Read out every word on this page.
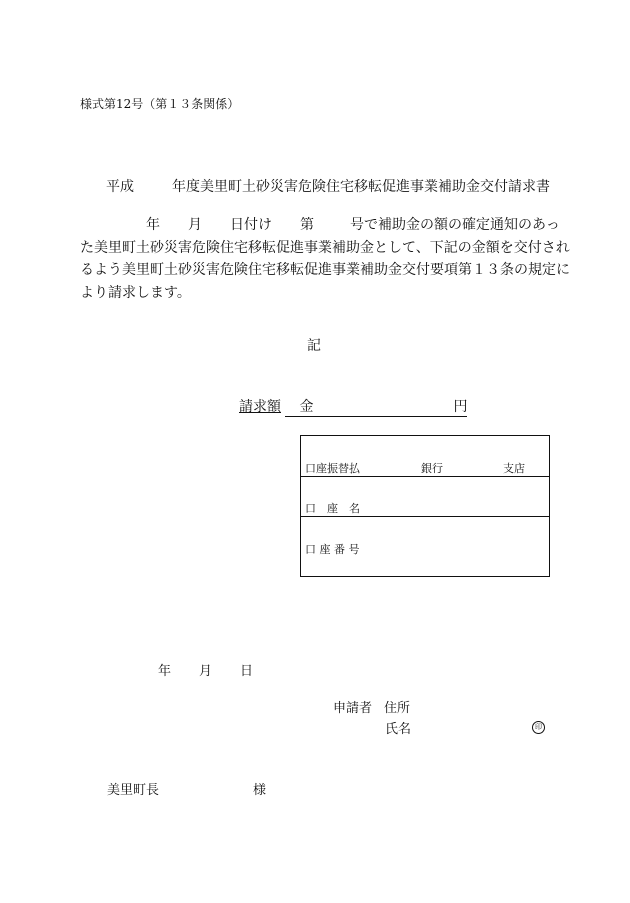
様式第12号（第１３条関係）
平成	年度美里町土砂災害危険住宅移転促進事業補助金交付請求書
年 月 日付け 第	号で補助金の額の確定通知のあっ
た美里町土砂災害危険住宅移転促進事業補助金として、下記の金額を交付され
るよう美里町土砂災害危険住宅移転促進事業補助金交付要項第１３条の規定に
より請求します。
記
請求額 金	円
口座振替払	銀行	支店
口　座　名
口 座 番 号
年 月 日
申請者 住所
氏名	印
美里町長	様
